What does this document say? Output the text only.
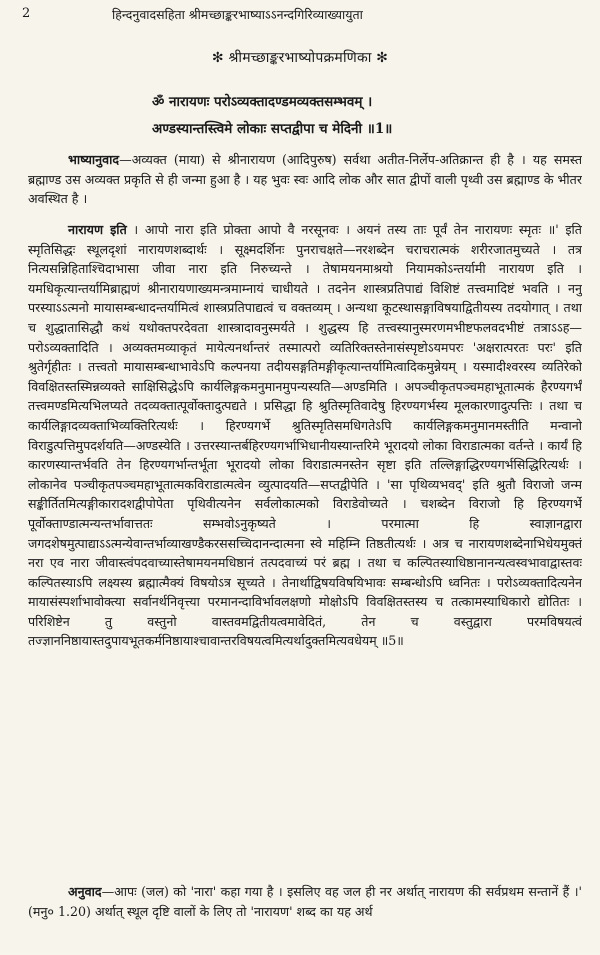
2	हिन्दनुवादसहिता श्रीमच्छाङ्करभाष्याऽऽनन्दगिरिव्याख्यायुता
✻ श्रीमच्छाङ्करभाष्योपक्रमणिका ✻
ॐ नारायणः परोऽव्यक्तादण्डमव्यक्तसम्भवम् ।
अण्डस्यान्तस्त्विमे लोकाः सप्तद्वीपा च मेदिनी ॥1॥

भाष्यानुवाद—अव्यक्त (माया) से श्रीनारायण (आदिपुरुष) सर्वथा अतीत-निर्लेप-अतिक्रान्त ही है । यह समस्त ब्रह्माण्ड उस अव्यक्त प्रकृति से ही जन्मा हुआ है । यह भुवः स्वः आदि लोक और सात द्वीपों वाली पृथ्वी उस ब्रह्माण्ड के भीतर अवस्थित है ।

नारायण इति । आपो नारा इति प्रोक्ता आपो वै नरसूनवः । अयनं तस्य ताः पूर्वं तेन नारायणः स्मृतः ॥' इति स्मृतिसिद्धः स्थूलदृशां नारायणशब्दार्थः । सूक्ष्मदर्शिनः पुनराचक्षते—नरशब्देन चराचरात्मकं शरीरजातमुच्यते । तत्र नित्यसन्निहिताश्चिदाभासा जीवा नारा इति निरुच्यन्ते । तेषामयनमाश्रयो नियामकोऽन्तर्यामी नारायण इति । यमधिकृत्यान्तर्यामिब्राह्मणं श्रीनारायणाख्यमन्त्रमाम्नायं चाधीयते । तदनेन शास्त्रप्रतिपाद्यं विशिष्टं तत्त्वमादिष्टं भवति । ननु परस्याऽऽत्मनो मायासम्बन्धादन्तर्यामित्वं शास्त्रप्रतिपाद्यत्वं च वक्तव्यम् । अन्यथा कूटस्थासङ्गाविषयाद्वितीयस्य तदयोगात् । तथा च शुद्धातासिद्धौ कथं यथोक्तपरदेवता शास्त्रादावनुस्मर्यते । शुद्धस्य हि तत्त्वस्यानुस्मरणमभीष्टफलवदभीष्टं तत्राऽऽह—परोऽव्यक्तादिति । अव्यक्तमव्याकृतं मायेत्यनर्थान्तरं तस्मात्परो व्यतिरिक्तस्तेनासंस्पृष्टोऽयमपरः 'अक्षरात्परतः परः' इति श्रुतेर्गृहीतः । तत्त्वतो मायासम्बन्धाभावेऽपि कल्पनया तदीयसङ्गतिमङ्गीकृत्यान्तर्यामित्वादिकमुन्नेयम् । यस्मादीश्वरस्य व्यतिरेको विवक्षितस्तस्मिन्नव्यक्ते साक्षिसिद्धेऽपि कार्यलिङ्गकमनुमानमुपन्यस्यति—अण्डमिति । अपञ्चीकृतपञ्चमहाभूतात्मकं हैरण्यगर्भं तत्त्वमण्डमित्यभिलप्यते तदव्यक्तात्पूर्वोक्तादुत्पद्यते । प्रसिद्धा हि श्रुतिस्मृतिवादेषु हिरण्यगर्भस्य मूलकारणादुत्पत्तिः । तथा च कार्यलिङ्गादव्यक्ताभिव्यक्तिरित्यर्थः । हिरण्यगर्भे श्रुतिस्मृतिसमधिगतेऽपि कार्यलिङ्गकमनुमानमस्तीति मन्वानो विराडुत्पत्तिमुपदर्शयति—अण्डस्येति । उत्तरस्यान्तर्बहिरण्यगर्भाभिधानीयस्यान्तरिमे भूरादयो लोका विराडात्मका वर्तन्ते । कार्यं हि कारणस्यान्तर्भवति तेन हिरण्यगर्भान्तर्भूता भूरादयो लोका विराडात्मनस्तेन सृष्टा इति तल्लिङ्गाद्धिरण्यगर्भसिद्धिरित्यर्थः । लोकानेव पञ्चीकृतपञ्चमहाभूतात्मकविराडात्मत्वेन व्युत्पादयति—सप्तद्वीपेति । 'सा पृथिव्यभवद्' इति श्रुतौ विराजो जन्म सङ्कीर्तितमित्यङ्गीकारादशद्वीपोपेता पृथिवीत्यनेन सर्वलोकात्मको विराडेवोच्यते । चशब्देन विराजो हि हिरण्यगर्भे पूर्वोक्ताण्डात्मन्यन्तर्भावात्ततः सम्भवोऽनुकृष्यते । परमात्मा हि स्वाज्ञानद्वारा जगदशेषमुत्पाद्याऽऽत्मन्येवान्तर्भाव्याखण्डैकरससच्चिदानन्दात्मना स्वे महिम्नि तिष्ठतीत्यर्थः । अत्र च नारायणशब्देनाभिधेयमुक्तं नरा एव नारा जीवास्त्वंपदवाच्यास्तेषामयनमधिष्ठानं तत्पदवाच्यं परं ब्रह्म । तथा च कल्पितस्याधिष्ठानानन्यत्वस्वभावाद्वास्तवः कल्पितस्याऽपि लक्ष्यस्य ब्रह्मात्मैक्यं विषयोऽत्र सूच्यते । तेनार्थाद्विषयविषयिभावः सम्बन्धोऽपि ध्वनितः । परोऽव्यक्तादित्यनेन मायासंस्पर्शाभावोक्त्या सर्वानर्थनिवृत्त्या परमानन्दाविर्भावलक्षणो मोक्षोऽपि विवक्षितस्तस्य च तत्कामस्याधिकारो द्योतितः । परिशिष्टेन तु वस्तुनो वास्तवमद्वितीयत्वमावेदितं, तेन च वस्तुद्वारा परमविषयत्वं तज्ज्ञाननिष्ठायास्तदुपायभूतकर्मनिष्ठायाश्चावान्तरविषयत्वमित्यर्थादुक्तमित्यवधेयम् ॥5॥

अनुवाद—आपः (जल) को 'नारा' कहा गया है । इसलिए वह जल ही नर अर्थात् नारायण की सर्वप्रथम सन्तानें हैं ।' (मनु० 1.20) अर्थात् स्थूल दृष्टि वालों के लिए तो 'नारायण' शब्द का यह अर्थ
